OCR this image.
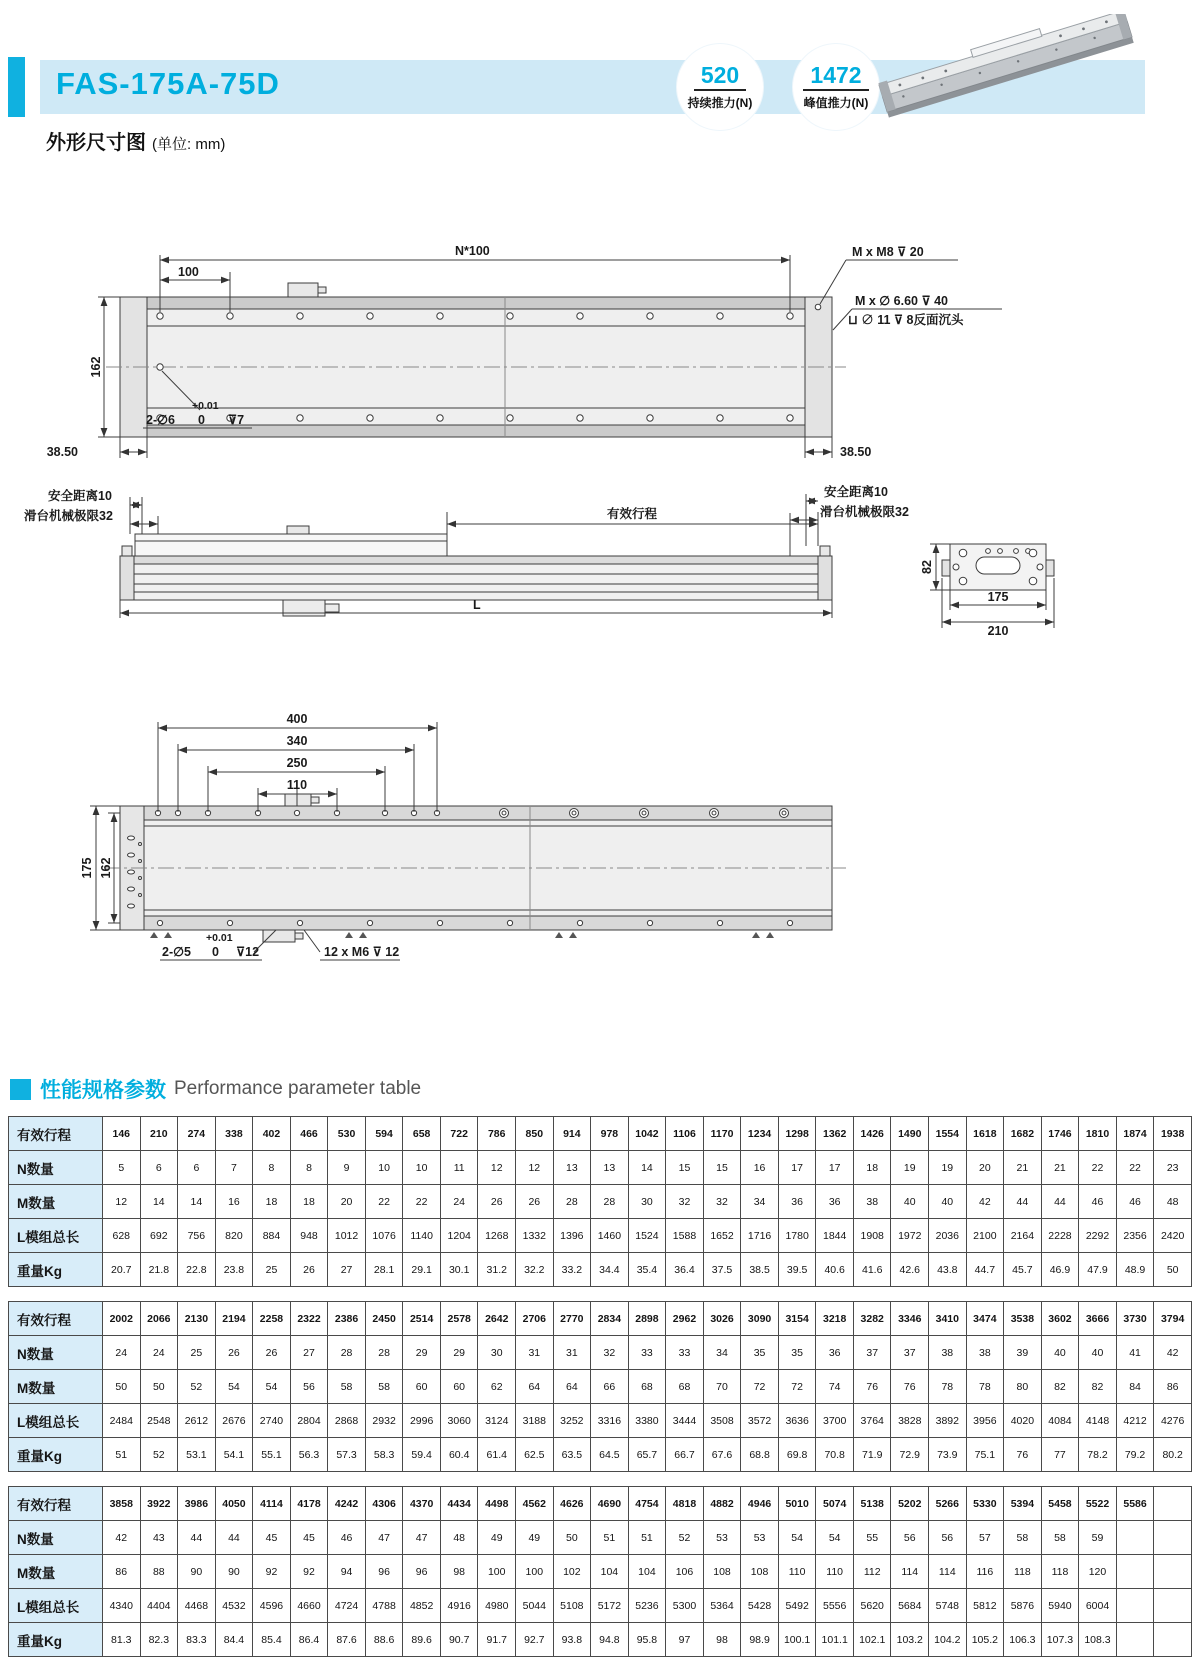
FAS-175A-75D	520
持续推力(N)
1472
峰值推力(N)
外形尺寸图 (单位: mm)
N*100
100
162
38.50	38.50
M x M8 ⊽ 20
M x ∅ 6.60 ⊽ 40
⊔ ∅ 11 ⊽ 8反面沉头
2-∅6
+0.01
0 ⊽7
安全距离10
滑台机械极限32	有效行程
安全距离10
滑台机械极限32
L
82
175
210
400
340
250
110
175 162
2-∅5
+0.01
0 ⊽12	12 x M6 ⊽ 12
性能规格参数 Performance parameter table
有效行程	146	210	274	338	402	466	530	594	658	722	786	850	914	978	1042	1106	1170	1234	1298	1362	1426	1490	1554	1618	1682	1746	1810	1874	1938
N数量	5	6	6	7	8	8	9	10	10	11	12	12	13	13	14	15	15	16	17	17	18	19	19	20	21	21	22	22	23
M数量	12	14	14	16	18	18	20	22	22	24	26	26	28	28	30	32	32	34	36	36	38	40	40	42	44	44	46	46	48
L模组总长	628	692	756	820	884	948	1012	1076	1140	1204	1268	1332	1396	1460	1524	1588	1652	1716	1780	1844	1908	1972	2036	2100	2164	2228	2292	2356	2420
重量Kg	20.7	21.8	22.8	23.8	25	26	27	28.1	29.1	30.1	31.2	32.2	33.2	34.4	35.4	36.4	37.5	38.5	39.5	40.6	41.6	42.6	43.8	44.7	45.7	46.9	47.9	48.9	50
有效行程	2002	2066	2130	2194	2258	2322	2386	2450	2514	2578	2642	2706	2770	2834	2898	2962	3026	3090	3154	3218	3282	3346	3410	3474	3538	3602	3666	3730	3794
N数量	24	24	25	26	26	27	28	28	29	29	30	31	31	32	33	33	34	35	35	36	37	37	38	38	39	40	40	41	42
M数量	50	50	52	54	54	56	58	58	60	60	62	64	64	66	68	68	70	72	72	74	76	76	78	78	80	82	82	84	86
L模组总长	2484	2548	2612	2676	2740	2804	2868	2932	2996	3060	3124	3188	3252	3316	3380	3444	3508	3572	3636	3700	3764	3828	3892	3956	4020	4084	4148	4212	4276
重量Kg	51	52	53.1	54.1	55.1	56.3	57.3	58.3	59.4	60.4	61.4	62.5	63.5	64.5	65.7	66.7	67.6	68.8	69.8	70.8	71.9	72.9	73.9	75.1	76	77	78.2	79.2	80.2
有效行程	3858	3922	3986	4050	4114	4178	4242	4306	4370	4434	4498	4562	4626	4690	4754	4818	4882	4946	5010	5074	5138	5202	5266	5330	5394	5458	5522	5586	
N数量	42	43	44	44	45	45	46	47	47	48	49	49	50	51	51	52	53	53	54	54	55	56	56	57	58	58	59		
M数量	86	88	90	90	92	92	94	96	96	98	100	100	102	104	104	106	108	108	110	110	112	114	114	116	118	118	120		
L模组总长	4340	4404	4468	4532	4596	4660	4724	4788	4852	4916	4980	5044	5108	5172	5236	5300	5364	5428	5492	5556	5620	5684	5748	5812	5876	5940	6004		
重量Kg	81.3	82.3	83.3	84.4	85.4	86.4	87.6	88.6	89.6	90.7	91.7	92.7	93.8	94.8	95.8	97	98	98.9	100.1	101.1	102.1	103.2	104.2	105.2	106.3	107.3	108.3		
